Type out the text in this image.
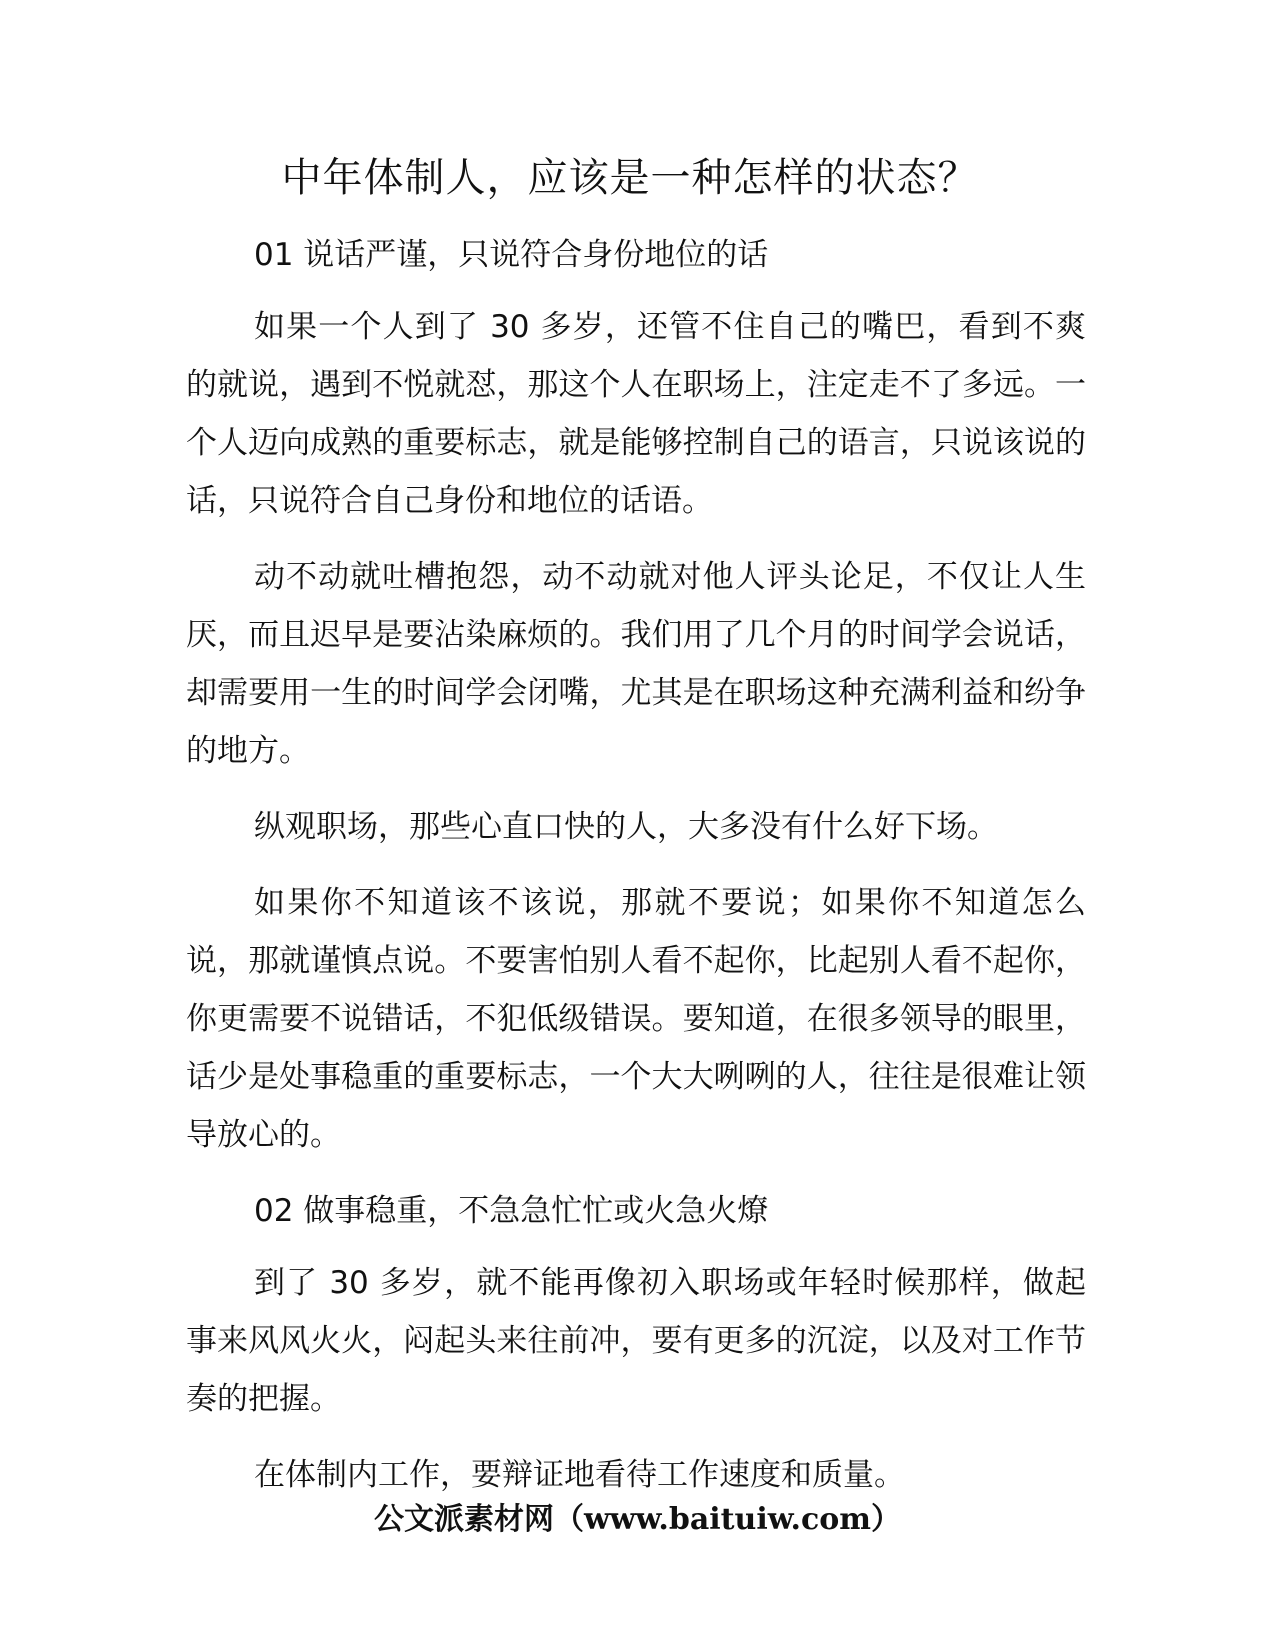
中年体制人，应该是一种怎样的状态？

01 说话严谨，只说符合身份地位的话

如果一个人到了 30 多岁，还管不住自己的嘴巴，看到不爽的就说，遇到不悦就怼，那这个人在职场上，注定走不了多远。一个人迈向成熟的重要标志，就是能够控制自己的语言，只说该说的话，只说符合自己身份和地位的话语。

动不动就吐槽抱怨，动不动就对他人评头论足，不仅让人生厌，而且迟早是要沾染麻烦的。我们用了几个月的时间学会说话，却需要用一生的时间学会闭嘴，尤其是在职场这种充满利益和纷争的地方。

纵观职场，那些心直口快的人，大多没有什么好下场。

如果你不知道该不该说，那就不要说；如果你不知道怎么说，那就谨慎点说。不要害怕别人看不起你，比起别人看不起你，你更需要不说错话，不犯低级错误。要知道，在很多领导的眼里，话少是处事稳重的重要标志，一个大大咧咧的人，往往是很难让领导放心的。

02 做事稳重，不急急忙忙或火急火燎

到了 30 多岁，就不能再像初入职场或年轻时候那样，做起事来风风火火，闷起头来往前冲，要有更多的沉淀，以及对工作节奏的把握。

在体制内工作，要辩证地看待工作速度和质量。

公文派素材网（www.baituiw.com）
